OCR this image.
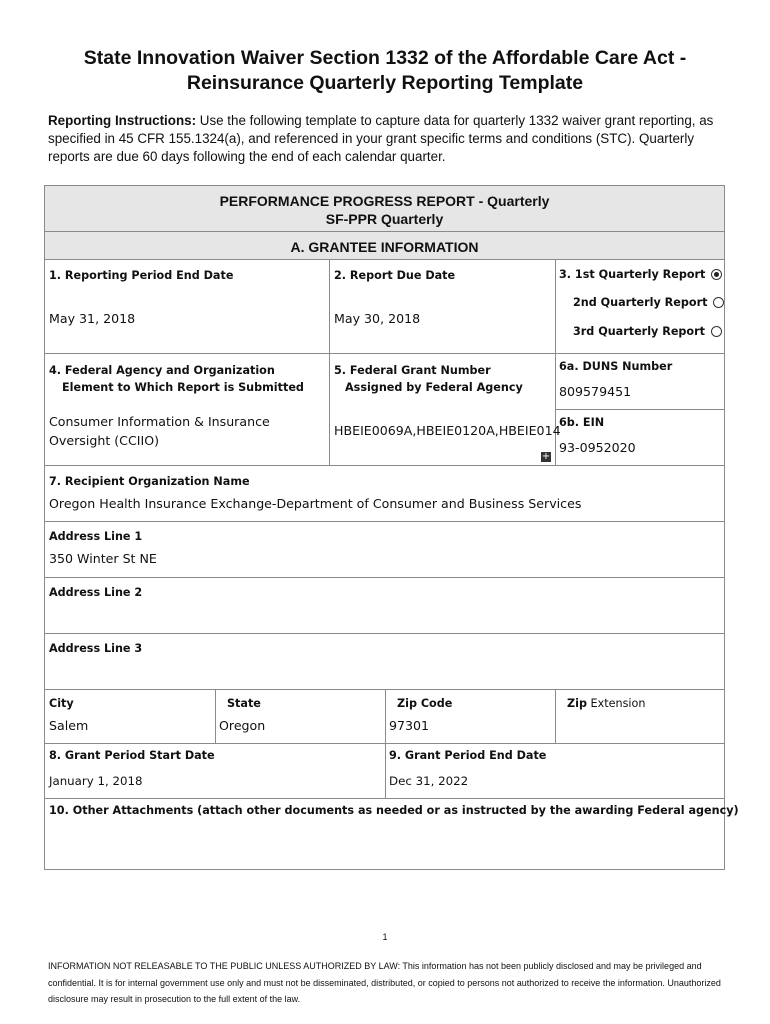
State Innovation Waiver Section 1332 of the Affordable Care Act -
Reinsurance Quarterly Reporting Template
Reporting Instructions: Use the following template to capture data for quarterly 1332 waiver grant reporting, as specified in 45 CFR 155.1324(a), and referenced in your grant specific terms and conditions (STC). Quarterly reports are due 60 days following the end of each calendar quarter.
PERFORMANCE PROGRESS REPORT - Quarterly
SF-PPR Quarterly
A. GRANTEE INFORMATION
1. Reporting Period End Date
May 31, 2018
2. Report Due Date
May 30, 2018
3. 1st Quarterly Report
2nd Quarterly Report
3rd Quarterly Report
4. Federal Agency and Organization
Element to Which Report is Submitted
Consumer Information & Insurance
Oversight (CCIIO)
5. Federal Grant Number
Assigned by Federal Agency
HBEIE0069A,HBEIE0120A,HBEIE014
+
6a. DUNS Number
809579451
6b. EIN
93-0952020
7. Recipient Organization Name
Oregon Health Insurance Exchange-Department of Consumer and Business Services
Address Line 1
350 Winter St NE
Address Line 2
Address Line 3
City
Salem
State
Oregon
Zip Code
97301
Zip Extension
8. Grant Period Start Date
January 1, 2018
9. Grant Period End Date
Dec 31, 2022
10. Other Attachments (attach other documents as needed or as instructed by the awarding Federal agency)
1
INFORMATION NOT RELEASABLE TO THE PUBLIC UNLESS AUTHORIZED BY LAW: This information has not been publicly disclosed and may be privileged and confidential. It is for internal government use only and must not be disseminated, distributed, or copied to persons not authorized to receive the information. Unauthorized disclosure may result in prosecution to the full extent of the law.
